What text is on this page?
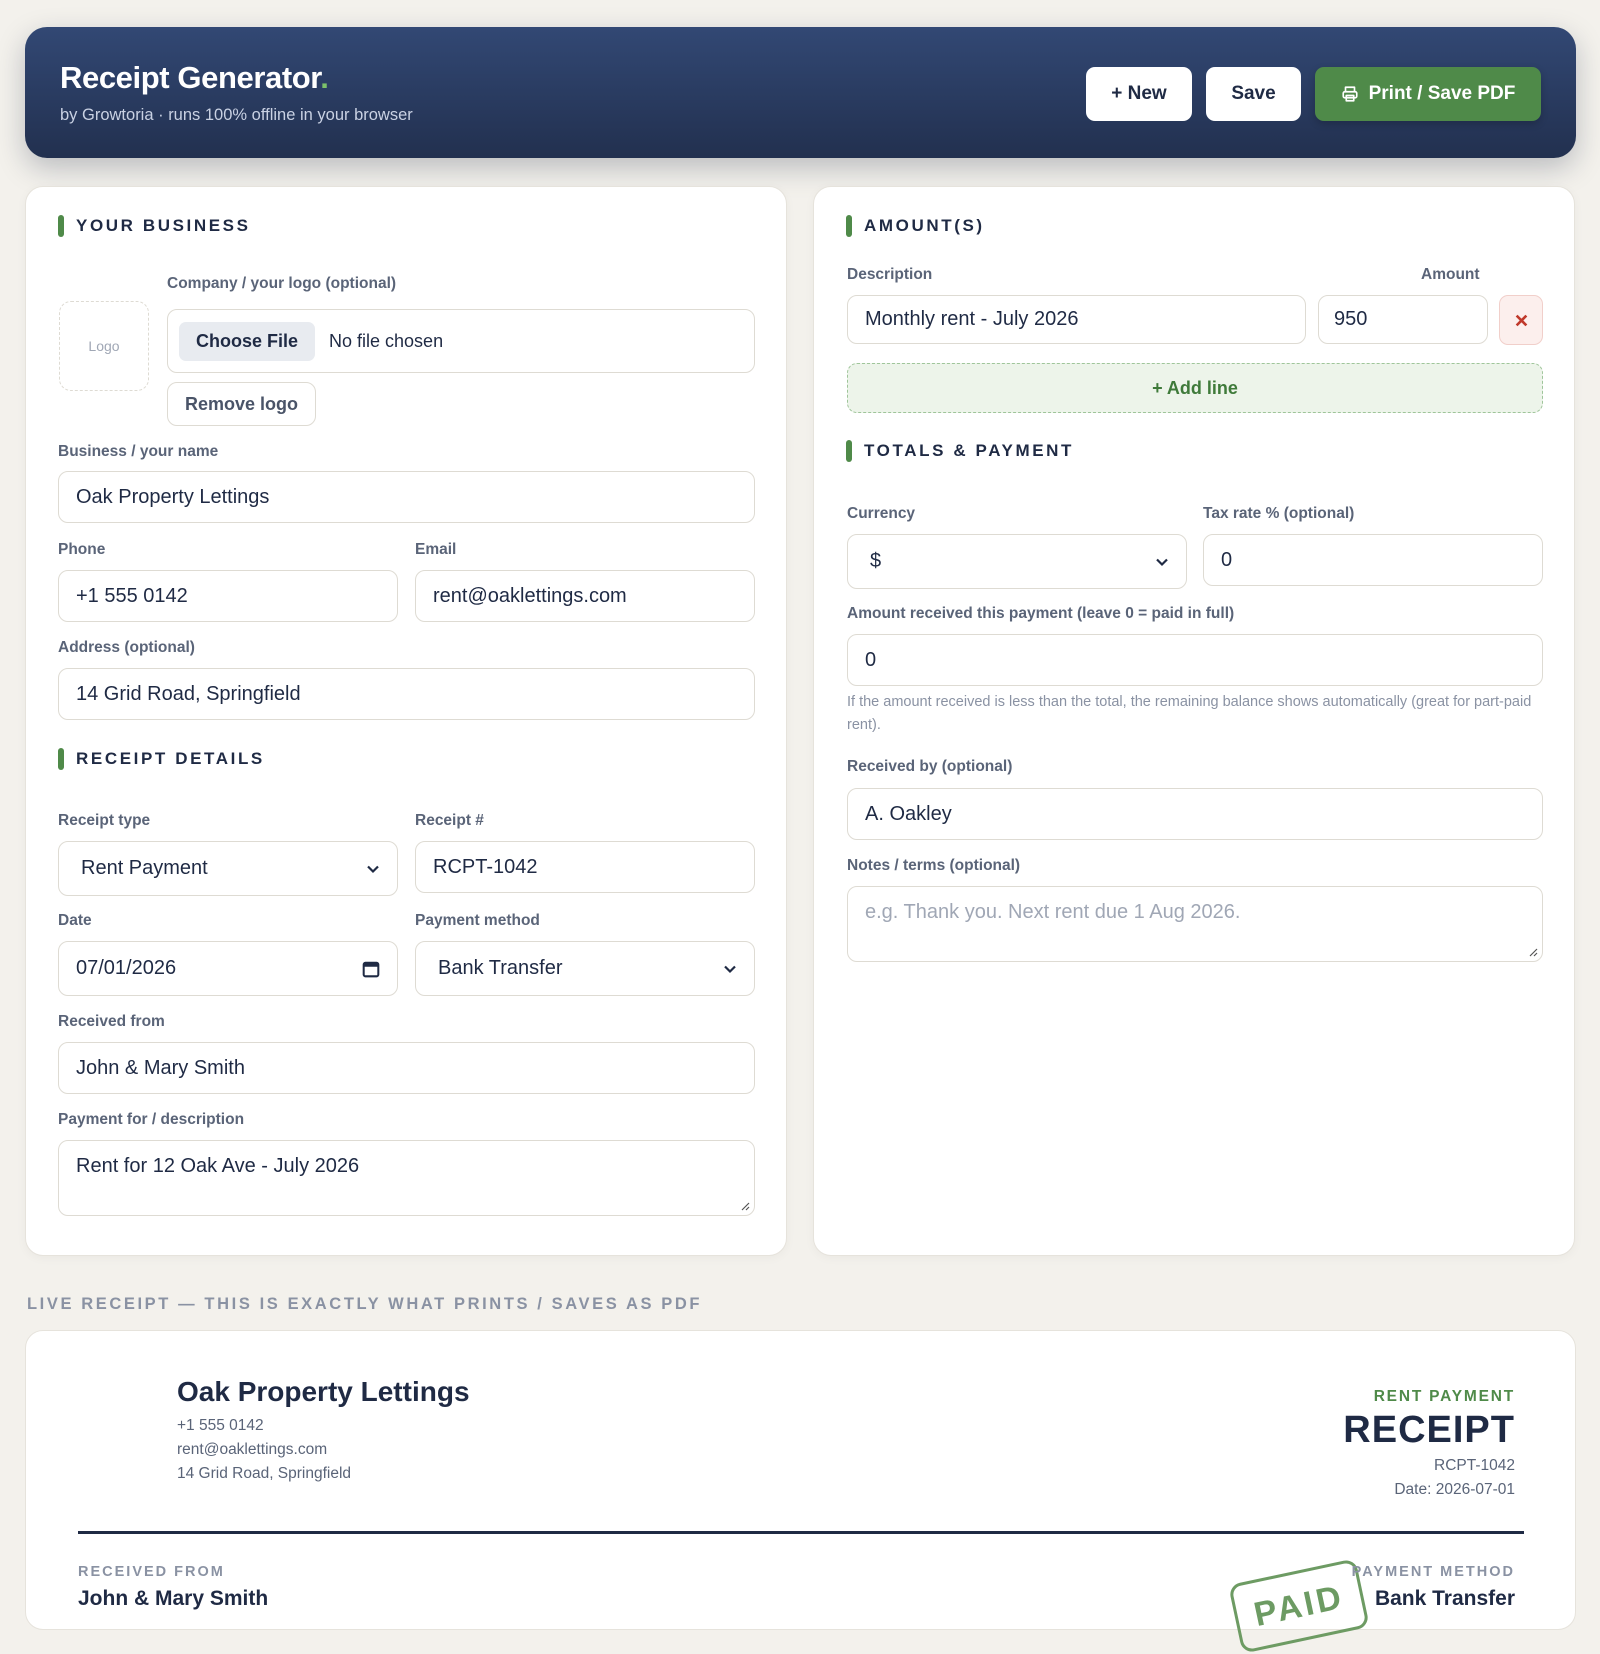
Receipt Generator.
by Growtoria · runs 100% offline in your browser
+ New	Save	Print / Save PDF
YOUR BUSINESS
Logo
Company / your logo (optional)
Choose File	No file chosen
Remove logo
Business / your name
Oak Property Lettings
Phone
+1 555 0142
Email
rent@oaklettings.com
Address (optional)
14 Grid Road, Springfield
RECEIPT DETAILS
Receipt type
Rent Payment
Receipt #
RCPT-1042
Date
07/01/2026
Payment method
Bank Transfer
Received from
John & Mary Smith
Payment for / description
Rent for 12 Oak Ave - July 2026
AMOUNT(S)
Description	Amount
Monthly rent - July 2026	950
+ Add line
TOTALS & PAYMENT
Currency
$
Tax rate % (optional)
0
Amount received this payment (leave 0 = paid in full)
0
If the amount received is less than the total, the remaining balance shows automatically (great for part-paid rent).
Received by (optional)
A. Oakley
Notes / terms (optional)
e.g. Thank you. Next rent due 1 Aug 2026.
LIVE RECEIPT — THIS IS EXACTLY WHAT PRINTS / SAVES AS PDF
Oak Property Lettings
+1 555 0142
rent@oaklettings.com
14 Grid Road, Springfield
RENT PAYMENT
RECEIPT
RCPT-1042
Date: 2026-07-01
RECEIVED FROM
John & Mary Smith	PAID
PAYMENT METHOD
Bank Transfer
